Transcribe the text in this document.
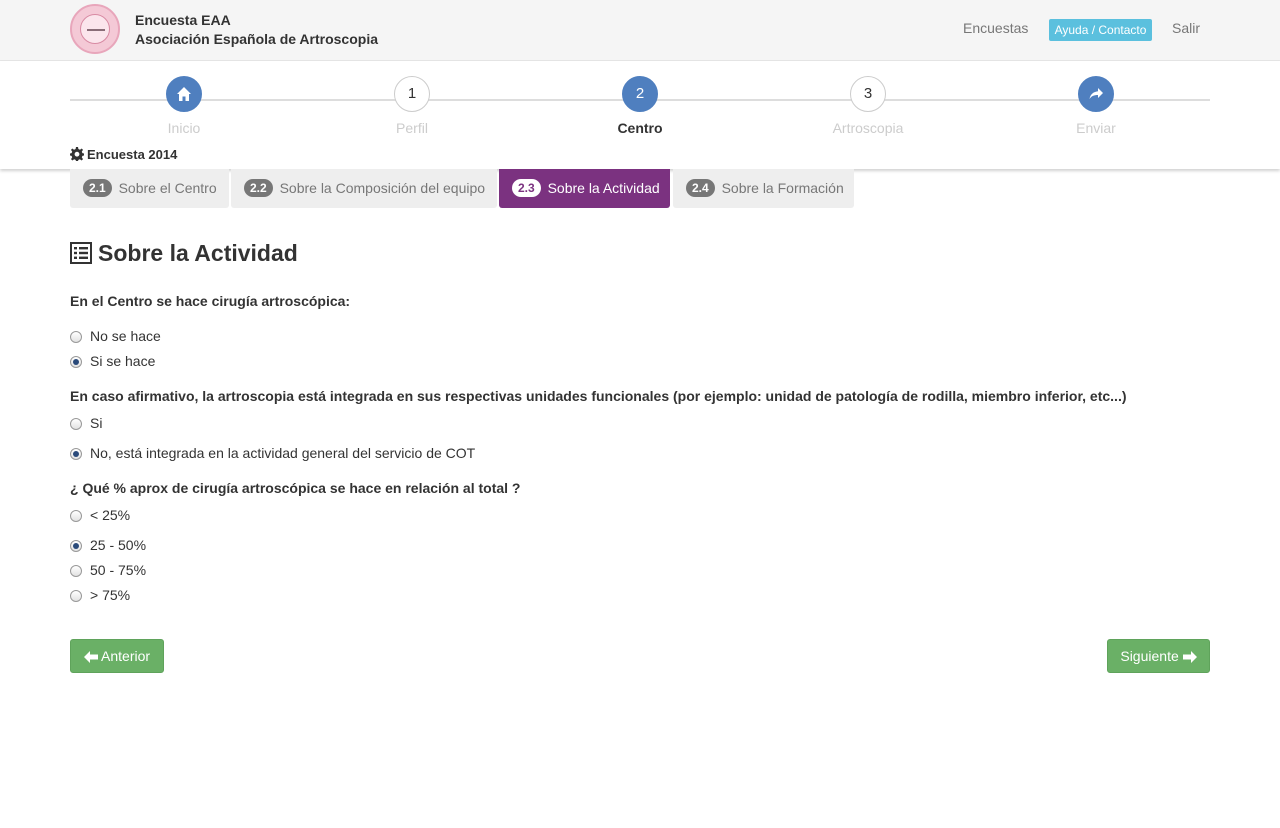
Encuesta EAA
Asociación Española de Artroscopia
Encuestas	Ayuda / Contacto	Salir
Inicio
1
Perfil
2
Centro
3
Artroscopia	Enviar
Encuesta 2014
2.1 Sobre el Centro	2.2 Sobre la Composición del equipo	2.3 Sobre la Actividad	2.4 Sobre la Formación
Sobre la Actividad
En el Centro se hace cirugía artroscópica:
No se hace
Si se hace
En caso afirmativo, la artroscopia está integrada en sus respectivas unidades funcionales (por ejemplo: unidad de patología de rodilla, miembro inferior, etc...)
Si
No, está integrada en la actividad general del servicio de COT
¿ Qué % aprox de cirugía artroscópica se hace en relación al total ?
< 25%
25 - 50%
50 - 75%
> 75%
Anterior	Siguiente
